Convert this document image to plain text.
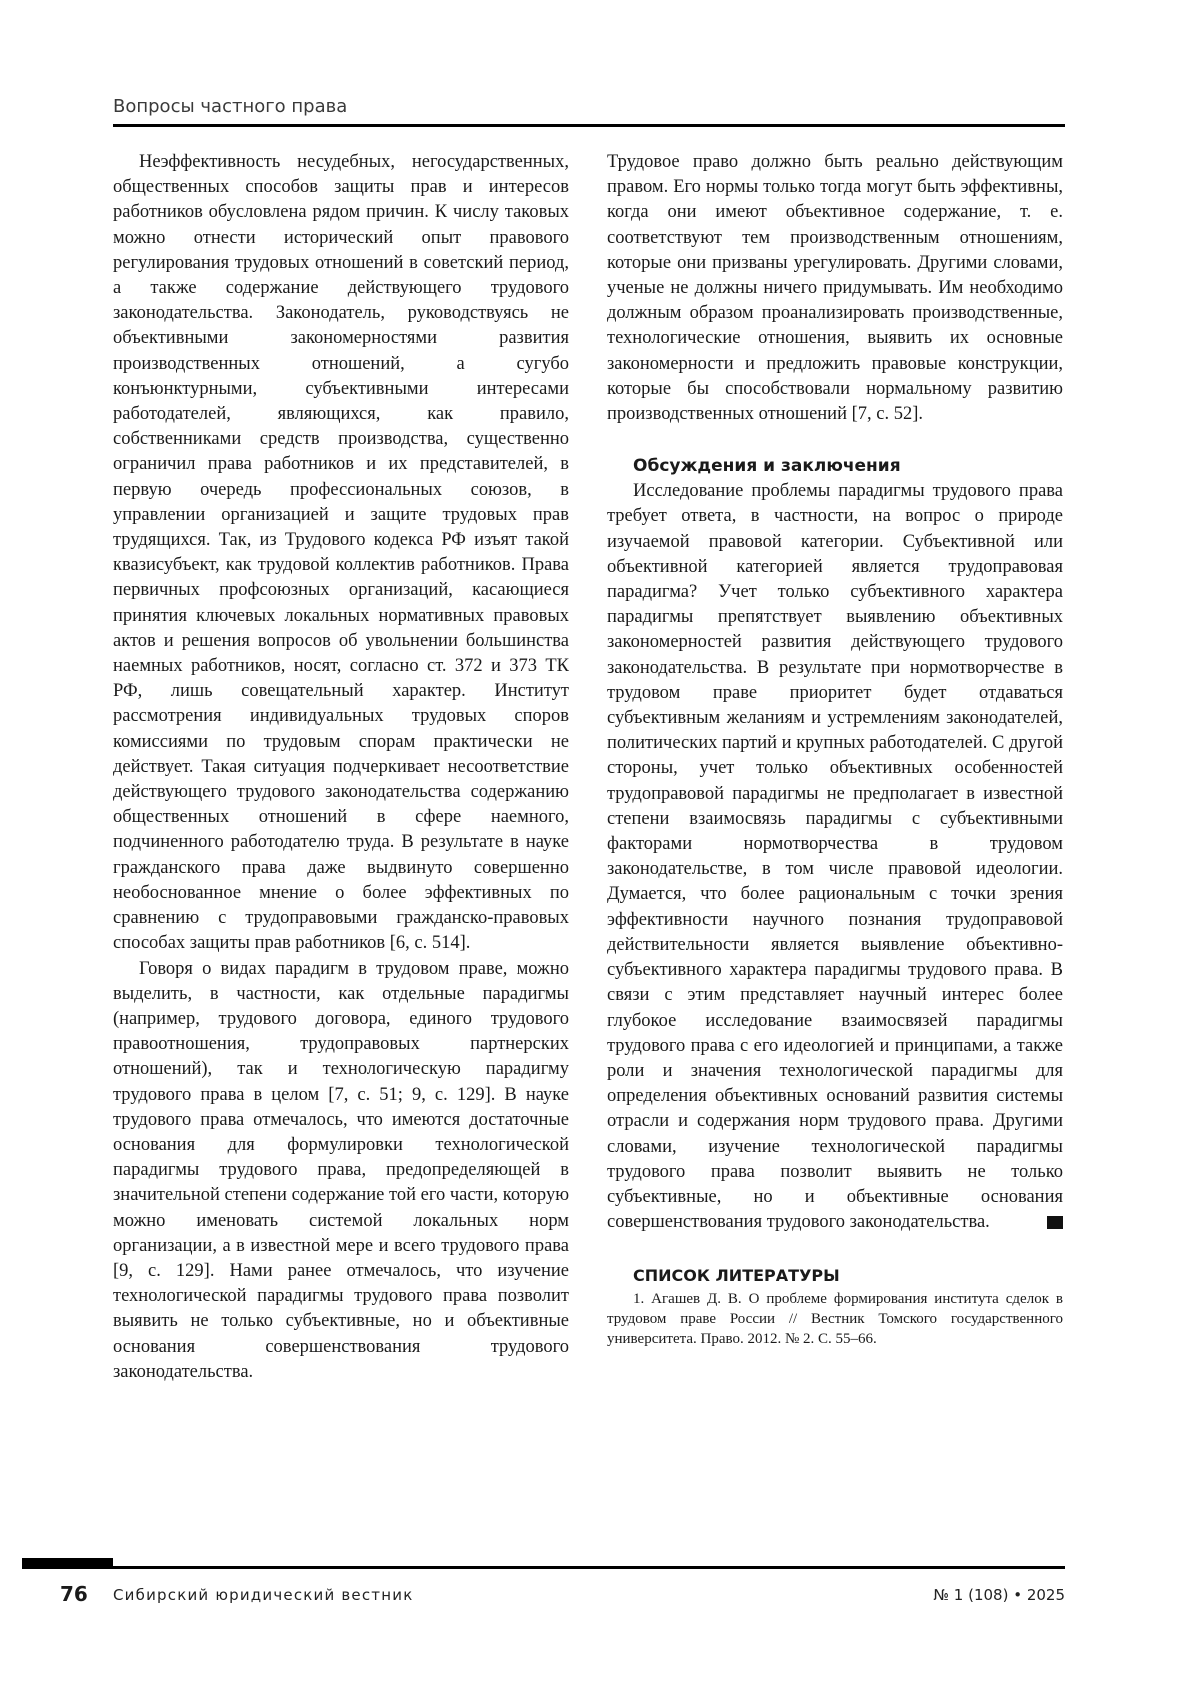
Вопросы частного права

Неэффективность несудебных, негосударственных, общественных способов защиты прав и интересов работников обусловлена рядом причин. К числу таковых можно отнести исторический опыт правового регулирования трудовых отношений в советский период, а также содержание действующего трудового законодательства. Законодатель, руководствуясь не объективными закономерностями развития производственных отношений, а сугубо конъюнктурными, субъективными интересами работодателей, являющихся, как правило, собственниками средств производства, существенно ограничил права работников и их представителей, в первую очередь профессиональных союзов, в управлении организацией и защите трудовых прав трудящихся. Так, из Трудового кодекса РФ изъят такой квазисубъект, как трудовой коллектив работников. Права первичных профсоюзных организаций, касающиеся принятия ключевых локальных нормативных правовых актов и решения вопросов об увольнении большинства наемных работников, носят, согласно ст. 372 и 373 ТК РФ, лишь совещательный характер. Институт рассмотрения индивидуальных трудовых споров комиссиями по трудовым спорам практически не действует. Такая ситуация подчеркивает несоответствие действующего трудового законодательства содержанию общественных отношений в сфере наемного, подчиненного работодателю труда. В результате в науке гражданского права даже выдвинуто совершенно необоснованное мнение о более эффективных по сравнению с трудоправовыми гражданско-правовых способах защиты прав работников [6, с. 514].

Говоря о видах парадигм в трудовом праве, можно выделить, в частности, как отдельные парадигмы (например, трудового договора, единого трудового правоотношения, трудоправовых партнерских отношений), так и технологическую парадигму трудового права в целом [7, с. 51; 9, с. 129]. В науке трудового права отмечалось, что имеются достаточные основания для формулировки технологической парадигмы трудового права, предопределяющей в значительной степени содержание той его части, которую можно именовать системой локальных норм организации, а в известной мере и всего трудового права [9, с. 129]. Нами ранее отмечалось, что изучение технологической парадигмы трудового права позволит выявить не только субъективные, но и объективные основания совершенствования трудового законодательства.

Трудовое право должно быть реально действующим правом. Его нормы только тогда могут быть эффективны, когда они имеют объективное содержание, т. е. соответствуют тем производственным отношениям, которые они призваны урегулировать. Другими словами, ученые не должны ничего придумывать. Им необходимо должным образом проанализировать производственные, технологические отношения, выявить их основные закономерности и предложить правовые конструкции, которые бы способствовали нормальному развитию производственных отношений [7, с. 52].

Обсуждения и заключения

Исследование проблемы парадигмы трудового права требует ответа, в частности, на вопрос о природе изучаемой правовой категории. Субъективной или объективной категорией является трудоправовая парадигма? Учет только субъективного характера парадигмы препятствует выявлению объективных закономерностей развития действующего трудового законодательства. В результате при нормотворчестве в трудовом праве приоритет будет отдаваться субъективным желаниям и устремлениям законодателей, политических партий и крупных работодателей. С другой стороны, учет только объективных особенностей трудоправовой парадигмы не предполагает в известной степени взаимосвязь парадигмы с субъективными факторами нормотворчества в трудовом законодательстве, в том числе правовой идеологии. Думается, что более рациональным с точки зрения эффективности научного познания трудоправовой действительности является выявление объективно-субъективного характера парадигмы трудового права. В связи с этим представляет научный интерес более глубокое исследование взаимосвязей парадигмы трудового права с его идеологией и принципами, а также роли и значения технологической парадигмы для определения объективных оснований развития системы отрасли и содержания норм трудового права. Другими словами, изучение технологической парадигмы трудового права позволит выявить не только субъективные, но и объективные основания совершенствования трудового законодательства.	SJ

СПИСОК ЛИТЕРАТУРЫ

1. Агашев Д. В. О проблеме формирования института сделок в трудовом праве России // Вестник Томского государственного университета. Право. 2012. № 2. С. 55–66.

76 Сибирский юридический вестник	№ 1 (108) • 2025
